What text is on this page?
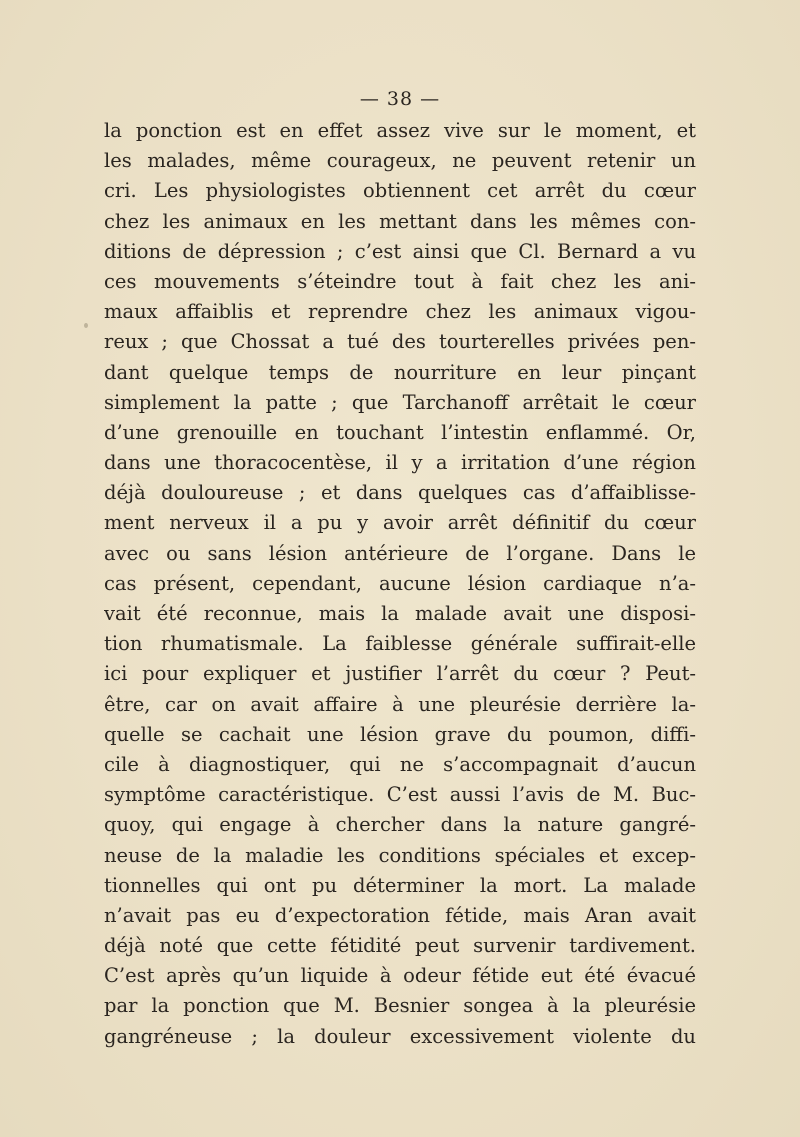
— 38 —
la ponction est en effet assez vive sur le moment, et
les malades, même courageux, ne peuvent retenir un
cri. Les physiologistes obtiennent cet arrêt du cœur
chez les animaux en les mettant dans les mêmes con-
ditions de dépression ; c’est ainsi que Cl. Bernard a vu
ces mouvements s’éteindre tout à fait chez les ani-
maux affaiblis et reprendre chez les animaux vigou-
reux ; que Chossat a tué des tourterelles privées pen-
dant quelque temps de nourriture en leur pinçant
simplement la patte ; que Tarchanoff arrêtait le cœur
d’une grenouille en touchant l’intestin enflammé. Or,
dans une thoracocentèse, il y a irritation d’une région
déjà douloureuse ; et dans quelques cas d’affaiblisse-
ment nerveux il a pu y avoir arrêt définitif du cœur
avec ou sans lésion antérieure de l’organe. Dans le
cas présent, cependant, aucune lésion cardiaque n’a-
vait été reconnue, mais la malade avait une disposi-
tion rhumatismale. La faiblesse générale suffirait-elle
ici pour expliquer et justifier l’arrêt du cœur ? Peut-
être, car on avait affaire à une pleurésie derrière la-
quelle se cachait une lésion grave du poumon, diffi-
cile à diagnostiquer, qui ne s’accompagnait d’aucun
symptôme caractéristique. C’est aussi l’avis de M. Buc-
quoy, qui engage à chercher dans la nature gangré-
neuse de la maladie les conditions spéciales et excep-
tionnelles qui ont pu déterminer la mort. La malade
n’avait pas eu d’expectoration fétide, mais Aran avait
déjà noté que cette fétidité peut survenir tardivement.
C’est après qu’un liquide à odeur fétide eut été évacué
par la ponction que M. Besnier songea à la pleurésie
gangréneuse ; la douleur excessivement violente du
